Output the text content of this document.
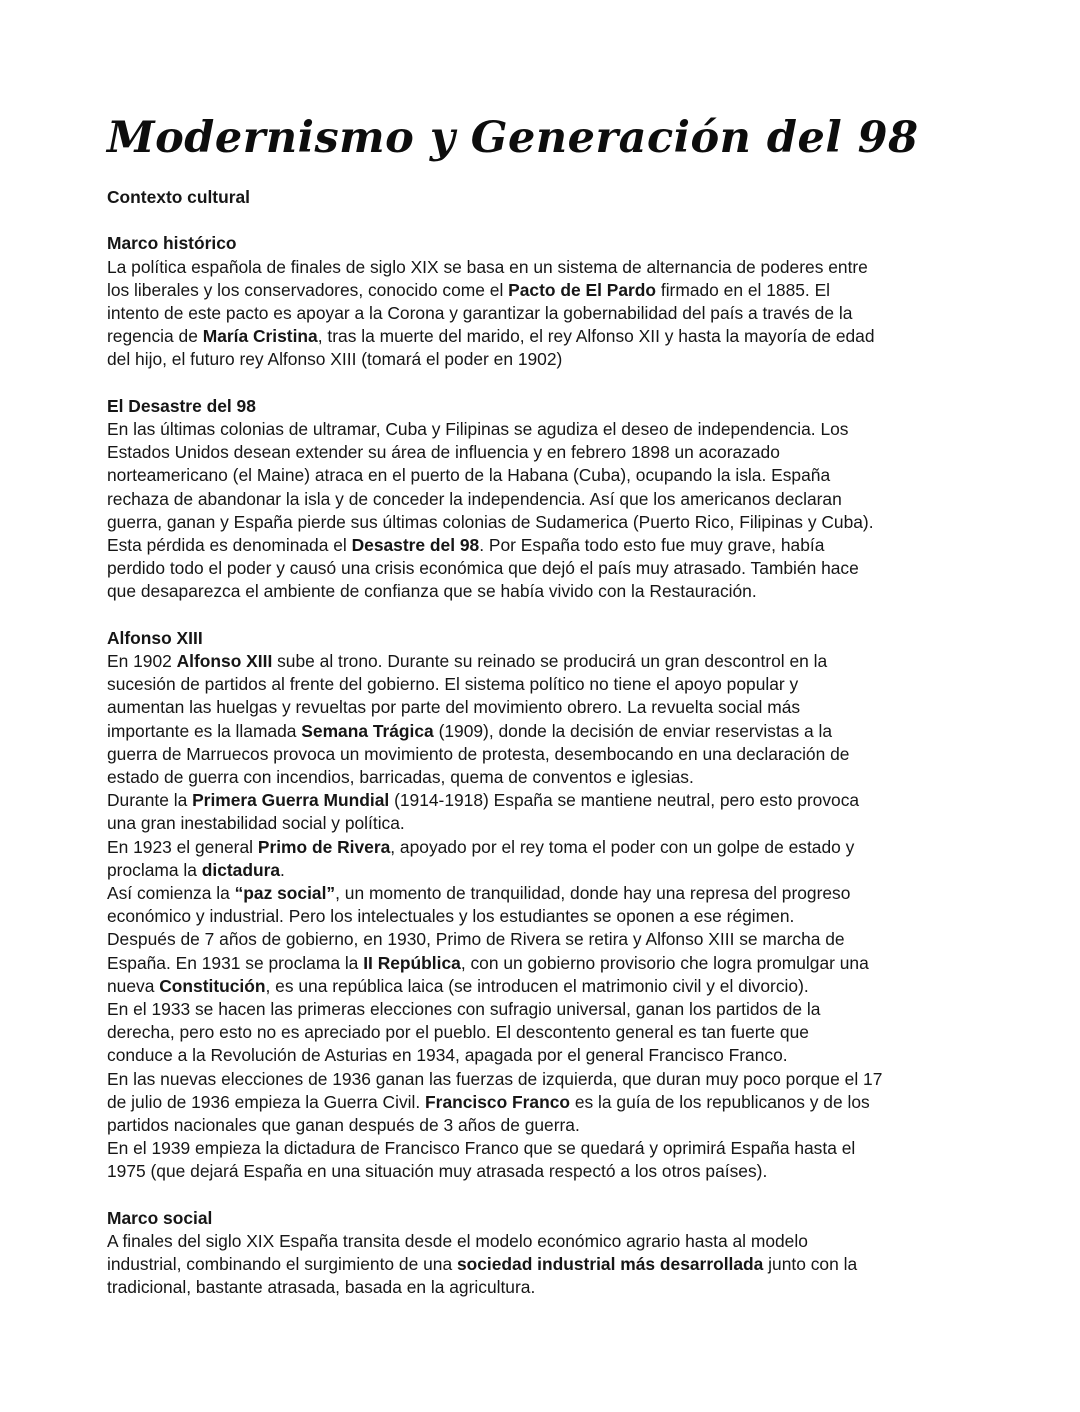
Modernismo y Generación del 98
Contexto cultural
Marco histórico

La política española de finales de siglo XIX se basa en un sistema de alternancia de poderes entre
los liberales y los conservadores, conocido come el Pacto de El Pardo firmado en el 1885. El
intento de este pacto es apoyar a la Corona y garantizar la gobernabilidad del país a través de la
regencia de María Cristina, tras la muerte del marido, el rey Alfonso XII y hasta la mayoría de edad
del hijo, el futuro rey Alfonso XIII (tomará el poder en 1902)

El Desastre del 98

En las últimas colonias de ultramar, Cuba y Filipinas se agudiza el deseo de independencia. Los
Estados Unidos desean extender su área de influencia y en febrero 1898 un acorazado
norteamericano (el Maine) atraca en el puerto de la Habana (Cuba), ocupando la isla. España
rechaza de abandonar la isla y de conceder la independencia. Así que los americanos declaran
guerra, ganan y España pierde sus últimas colonias de Sudamerica (Puerto Rico, Filipinas y Cuba).
Esta pérdida es denominada el Desastre del 98. Por España todo esto fue muy grave, había
perdido todo el poder y causó una crisis económica que dejó el país muy atrasado. También hace
que desaparezca el ambiente de confianza que se había vivido con la Restauración.

Alfonso XIII

En 1902 Alfonso XIII sube al trono. Durante su reinado se producirá un gran descontrol en la
sucesión de partidos al frente del gobierno. El sistema político no tiene el apoyo popular y
aumentan las huelgas y revueltas por parte del movimiento obrero. La revuelta social más
importante es la llamada Semana Trágica (1909), donde la decisión de enviar reservistas a la
guerra de Marruecos provoca un movimiento de protesta, desembocando en una declaración de
estado de guerra con incendios, barricadas, quema de conventos e iglesias.

Durante la Primera Guerra Mundial (1914-1918) España se mantiene neutral, pero esto provoca
una gran inestabilidad social y política.

En 1923 el general Primo de Rivera, apoyado por el rey toma el poder con un golpe de estado y
proclama la dictadura.

Así comienza la “paz social”, un momento de tranquilidad, donde hay una represa del progreso
económico y industrial. Pero los intelectuales y los estudiantes se oponen a ese régimen.

Después de 7 años de gobierno, en 1930, Primo de Rivera se retira y Alfonso XIII se marcha de
España. En 1931 se proclama la II República, con un gobierno provisorio che logra promulgar una
nueva Constitución, es una república laica (se introducen el matrimonio civil y el divorcio).

En el 1933 se hacen las primeras elecciones con sufragio universal, ganan los partidos de la
derecha, pero esto no es apreciado por el pueblo. El descontento general es tan fuerte que
conduce a la Revolución de Asturias en 1934, apagada por el general Francisco Franco.

En las nuevas elecciones de 1936 ganan las fuerzas de izquierda, que duran muy poco porque el 17
de julio de 1936 empieza la Guerra Civil. Francisco Franco es la guía de los republicanos y de los
partidos nacionales que ganan después de 3 años de guerra.

En el 1939 empieza la dictadura de Francisco Franco que se quedará y oprimirá España hasta el
1975 (que dejará España en una situación muy atrasada respectó a los otros países).

Marco social

A finales del siglo XIX España transita desde el modelo económico agrario hasta al modelo
industrial, combinando el surgimiento de una sociedad industrial más desarrollada junto con la
tradicional, bastante atrasada, basada en la agricultura.
